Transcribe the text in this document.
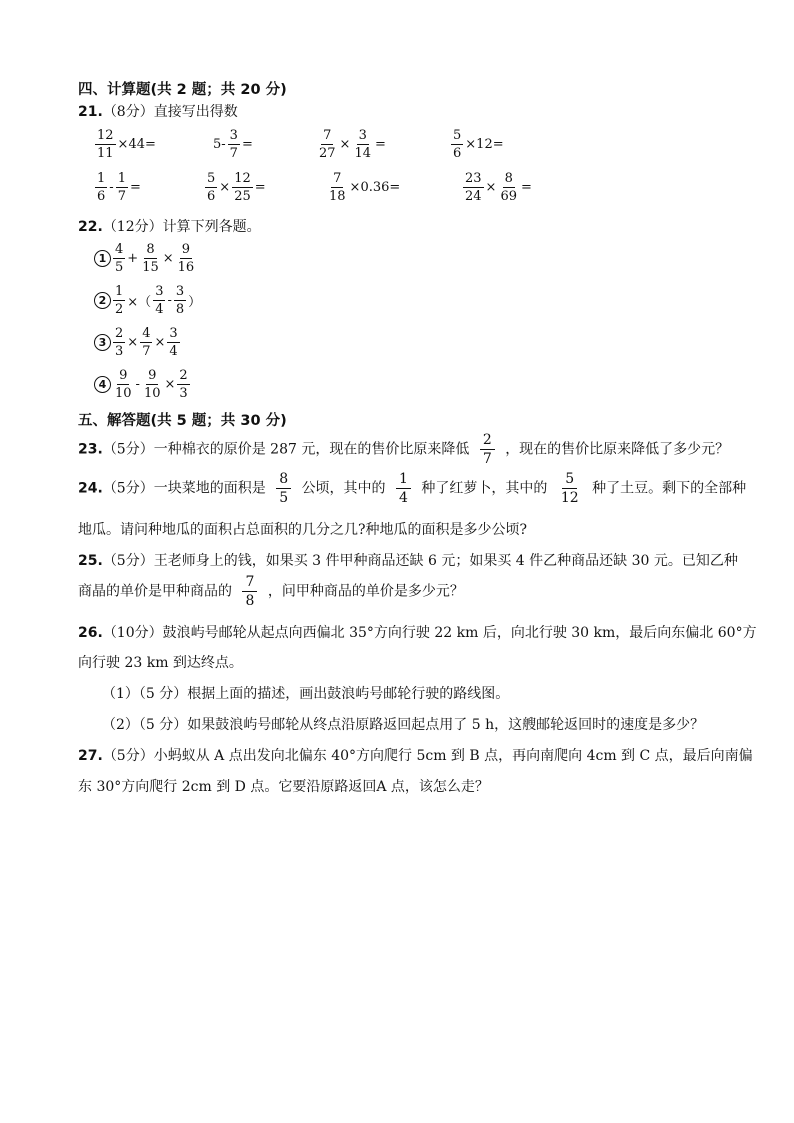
四、计算题(共 2 题；共 20 分)
21.（8分）直接写出得数
$\frac{12}{11} \times 44=$	$5- \frac{3}{7}$ =	$\frac{7}{27} \times \frac{3}{14}$ =	$\frac{5}{6} \times 12=$
$\frac{1}{6} - \frac{1}{7}$ =	$\frac{5}{6} \times \frac{12}{25}$ =	$\frac{7}{18} \times 0.36=$	$\frac{23}{24} \times \frac{8}{69}$ =
22.（12分）计算下列各题。
$1 \frac{4}{5} + \frac{8}{15} \times \frac{9}{16}$
$2 \frac{1}{2}$ ×（ $\frac{3}{4} - \frac{3}{8}$ ）
$3 \frac{2}{3} \times \frac{4}{7} \times \frac{3}{4}$
$4 \frac{9}{10} - \frac{9}{10} \times \frac{2}{3}$
五、解答题(共 5 题；共 30 分)
23.（5分）一种棉衣的原价是 287 元，现在的售价比原来降低 $\frac{2}{7}$ ，现在的售价比原来降低了多少元？
24.（5分）一块菜地的面积是 $\frac{8}{5}$ 公顷，其中的 $\frac{1}{4}$ 种了红萝卜，其中的 $\frac{5}{12}$ 种了土豆。剩下的全部种
地瓜。请问种地瓜的面积占总面积的几分之几?种地瓜的面积是多少公顷?
25.（5分）王老师身上的钱，如果买 3 件甲种商品还缺 6 元；如果买 4 件乙种商品还缺 30 元。已知乙种
商晶的单价是甲种商品的 $\frac{7}{8}$ ，问甲种商品的单价是多少元？
26.（10分）鼓浪屿号邮轮从起点向西偏北 35°方向行驶 22 km 后，向北行驶 30 km，最后向东偏北 60°方
向行驶 23 km 到达终点。
（1）（5 分）根据上面的描述，画出鼓浪屿号邮轮行驶的路线图。
（2）（5 分）如果鼓浪屿号邮轮从终点沿原路返回起点用了 5 h，这艘邮轮返回时的速度是多少？
27.（5分）小蚂蚁从 A 点出发向北偏东 40°方向爬行 5cm 到 B 点，再向南爬向 4cm 到 C 点，最后向南偏
东 30°方向爬行 2cm 到 D 点。它要沿原路返回A 点，该怎么走？
